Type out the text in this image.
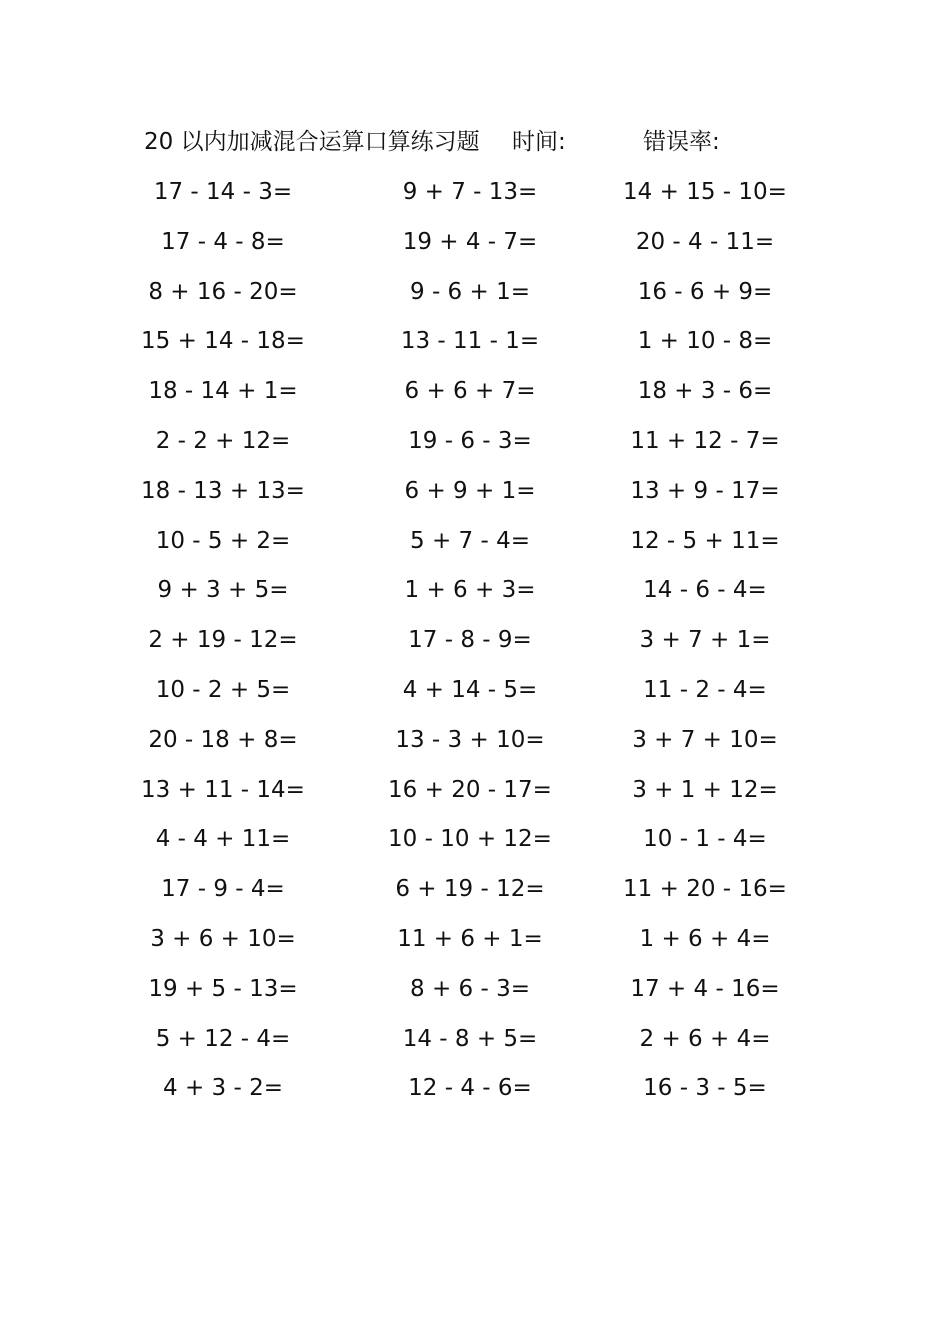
20 以内加减混合运算口算练习题 时间:	错误率:
17 - 14 - 3=	9 + 7 - 13=	14 + 15 - 10=
17 - 4 - 8=	19 + 4 - 7=	20 - 4 - 11=
8 + 16 - 20=	9 - 6 + 1=	16 - 6 + 9=
15 + 14 - 18=	13 - 11 - 1=	1 + 10 - 8=
18 - 14 + 1=	6 + 6 + 7=	18 + 3 - 6=
2 - 2 + 12=	19 - 6 - 3=	11 + 12 - 7=
18 - 13 + 13=	6 + 9 + 1=	13 + 9 - 17=
10 - 5 + 2=	5 + 7 - 4=	12 - 5 + 11=
9 + 3 + 5=	1 + 6 + 3=	14 - 6 - 4=
2 + 19 - 12=	17 - 8 - 9=	3 + 7 + 1=
10 - 2 + 5=	4 + 14 - 5=	11 - 2 - 4=
20 - 18 + 8=	13 - 3 + 10=	3 + 7 + 10=
13 + 11 - 14=	16 + 20 - 17=	3 + 1 + 12=
4 - 4 + 11=	10 - 10 + 12=	10 - 1 - 4=
17 - 9 - 4=	6 + 19 - 12=	11 + 20 - 16=
3 + 6 + 10=	11 + 6 + 1=	1 + 6 + 4=
19 + 5 - 13=	8 + 6 - 3=	17 + 4 - 16=
5 + 12 - 4=	14 - 8 + 5=	2 + 6 + 4=
4 + 3 - 2=	12 - 4 - 6=	16 - 3 - 5=
